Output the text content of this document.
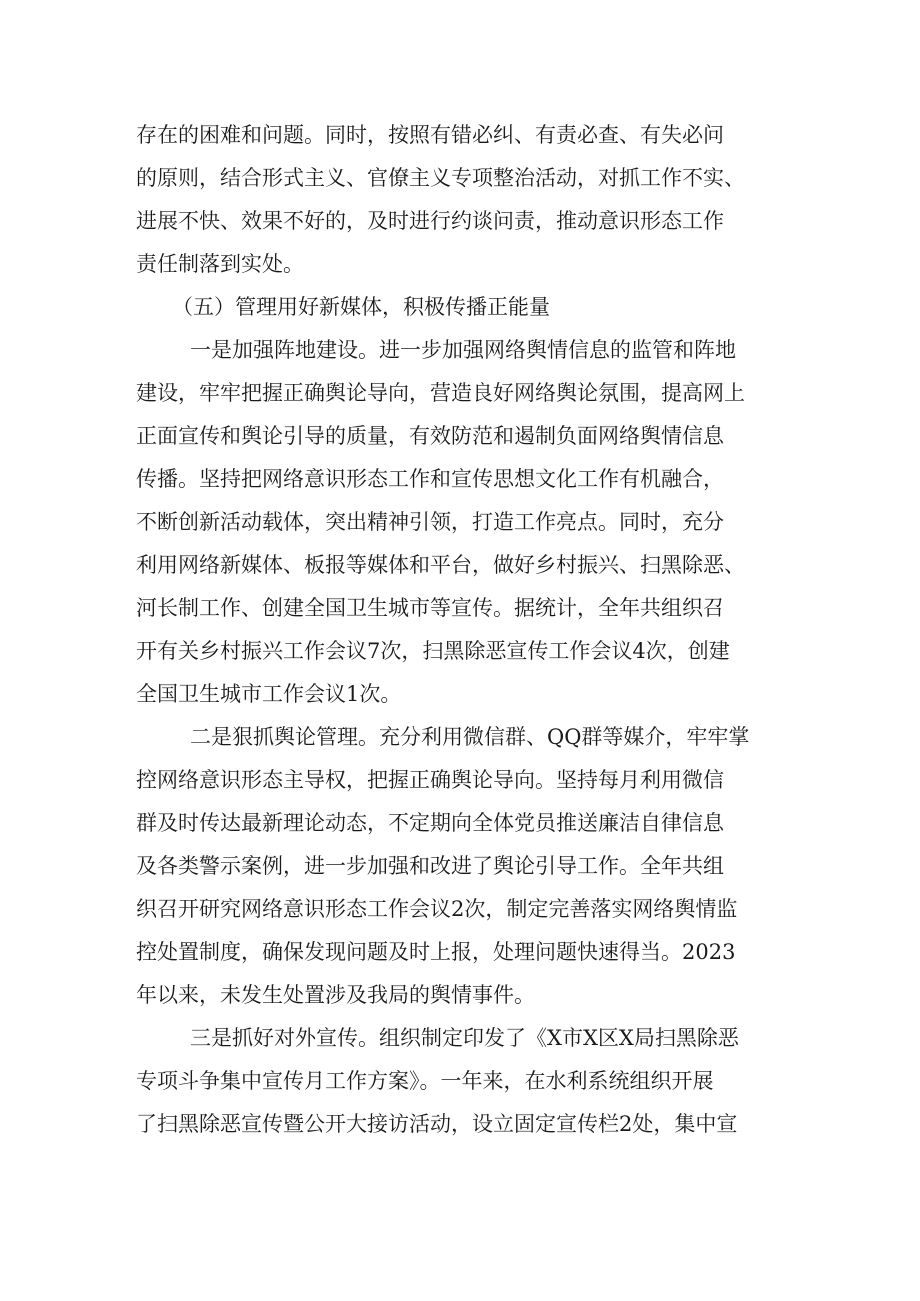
存在的困难和问题。同时，按照有错必纠、有责必查、有失必问
的原则，结合形式主义、官僚主义专项整治活动，对抓工作不实、
进展不快、效果不好的，及时进行约谈问责，推动意识形态工作
责任制落到实处。
（五）管理用好新媒体，积极传播正能量
一是加强阵地建设。进一步加强网络舆情信息的监管和阵地
建设，牢牢把握正确舆论导向，营造良好网络舆论氛围，提高网上
正面宣传和舆论引导的质量，有效防范和遏制负面网络舆情信息
传播。坚持把网络意识形态工作和宣传思想文化工作有机融合，
不断创新活动载体，突出精神引领，打造工作亮点。同时，充分
利用网络新媒体、板报等媒体和平台，做好乡村振兴、扫黑除恶、
河长制工作、创建全国卫生城市等宣传。据统计，全年共组织召
开有关乡村振兴工作会议7次，扫黑除恶宣传工作会议4次，创建
全国卫生城市工作会议1次。
二是狠抓舆论管理。充分利用微信群、QQ群等媒介，牢牢掌
控网络意识形态主导权，把握正确舆论导向。坚持每月利用微信
群及时传达最新理论动态，不定期向全体党员推送廉洁自律信息
及各类警示案例，进一步加强和改进了舆论引导工作。全年共组
织召开研究网络意识形态工作会议2次，制定完善落实网络舆情监
控处置制度，确保发现问题及时上报，处理问题快速得当。2023
年以来，未发生处置涉及我局的舆情事件。
三是抓好对外宣传。组织制定印发了《X市X区X局扫黑除恶
专项斗争集中宣传月工作方案》。一年来，在水利系统组织开展
了扫黑除恶宣传暨公开大接访活动，设立固定宣传栏2处，集中宣
